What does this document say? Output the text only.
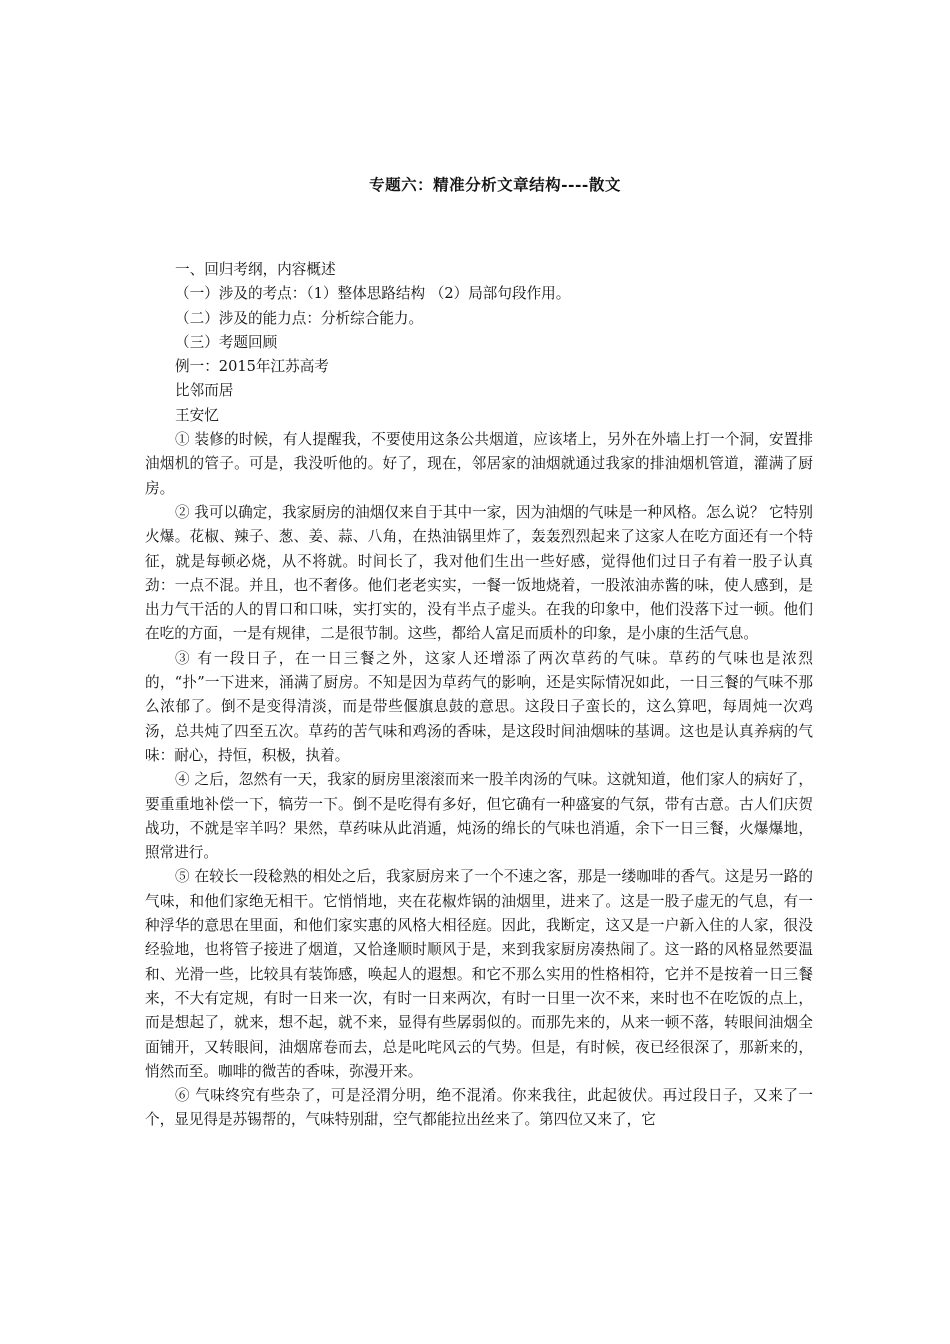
专题六：精准分析文章结构----散文
一、回归考纲，内容概述
（一）涉及的考点：（1）整体思路结构 （2）局部句段作用。
（二）涉及的能力点：分析综合能力。
（三）考题回顾
例一：2015年江苏高考
比邻而居
王安忆

① 装修的时候，有人提醒我，不要使用这条公共烟道，应该堵上，另外在外墙上打一个洞，安置排油烟机的管子。可是，我没听他的。好了，现在，邻居家的油烟就通过我家的排油烟机管道，灌满了厨房。

② 我可以确定，我家厨房的油烟仅来自于其中一家，因为油烟的气味是一种风格。怎么说？ 它特别火爆。花椒、辣子、葱、姜、蒜、八角，在热油锅里炸了，轰轰烈烈起来了这家人在吃方面还有一个特征，就是每顿必烧，从不将就。时间长了，我对他们生出一些好感，觉得他们过日子有着一股子认真劲：一点不混。并且，也不奢侈。他们老老实实，一餐一饭地烧着，一股浓油赤酱的味，使人感到，是出力气干活的人的胃口和口味，实打实的，没有半点子虚头。在我的印象中，他们没落下过一顿。他们在吃的方面，一是有规律，二是很节制。这些，都给人富足而质朴的印象，是小康的生活气息。

③ 有一段日子，在一日三餐之外，这家人还增添了两次草药的气味。草药的气味也是浓烈的，“扑”一下进来，涌满了厨房。不知是因为草药气的影响，还是实际情况如此，一日三餐的气味不那么浓郁了。倒不是变得清淡，而是带些偃旗息鼓的意思。这段日子蛮长的，这么算吧，每周炖一次鸡汤，总共炖了四至五次。草药的苦气味和鸡汤的香味，是这段时间油烟味的基调。这也是认真养病的气味：耐心，持恒，积极，执着。

④ 之后，忽然有一天，我家的厨房里滚滚而来一股羊肉汤的气味。这就知道，他们家人的病好了，要重重地补偿一下，犒劳一下。倒不是吃得有多好，但它确有一种盛宴的气氛，带有古意。古人们庆贺战功，不就是宰羊吗？果然，草药味从此消遁，炖汤的绵长的气味也消遁，余下一日三餐，火爆爆地，照常进行。

⑤ 在较长一段稔熟的相处之后，我家厨房来了一个不速之客，那是一缕咖啡的香气。这是另一路的气味，和他们家绝无相干。它悄悄地，夹在花椒炸锅的油烟里，进来了。这是一股子虚无的气息，有一种浮华的意思在里面，和他们家实惠的风格大相径庭。因此，我断定，这又是一户新入住的人家，很没经验地，也将管子接进了烟道，又恰逢顺时顺风于是，来到我家厨房凑热闹了。这一路的风格显然要温和、光滑一些，比较具有装饰感，唤起人的遐想。和它不那么实用的性格相符，它并不是按着一日三餐来，不大有定规，有时一日来一次，有时一日来两次，有时一日里一次不来，来时也不在吃饭的点上，而是想起了，就来，想不起，就不来，显得有些孱弱似的。而那先来的，从来一顿不落，转眼间油烟全面铺开，又转眼间，油烟席卷而去，总是叱咤风云的气势。但是，有时候，夜已经很深了，那新来的，悄然而至。咖啡的微苦的香味，弥漫开来。

⑥ 气味终究有些杂了，可是泾渭分明，绝不混淆。你来我往，此起彼伏。再过段日子，又来了一个，显见得是苏锡帮的，气味特别甜，空气都能拉出丝来了。第四位又来了，它
